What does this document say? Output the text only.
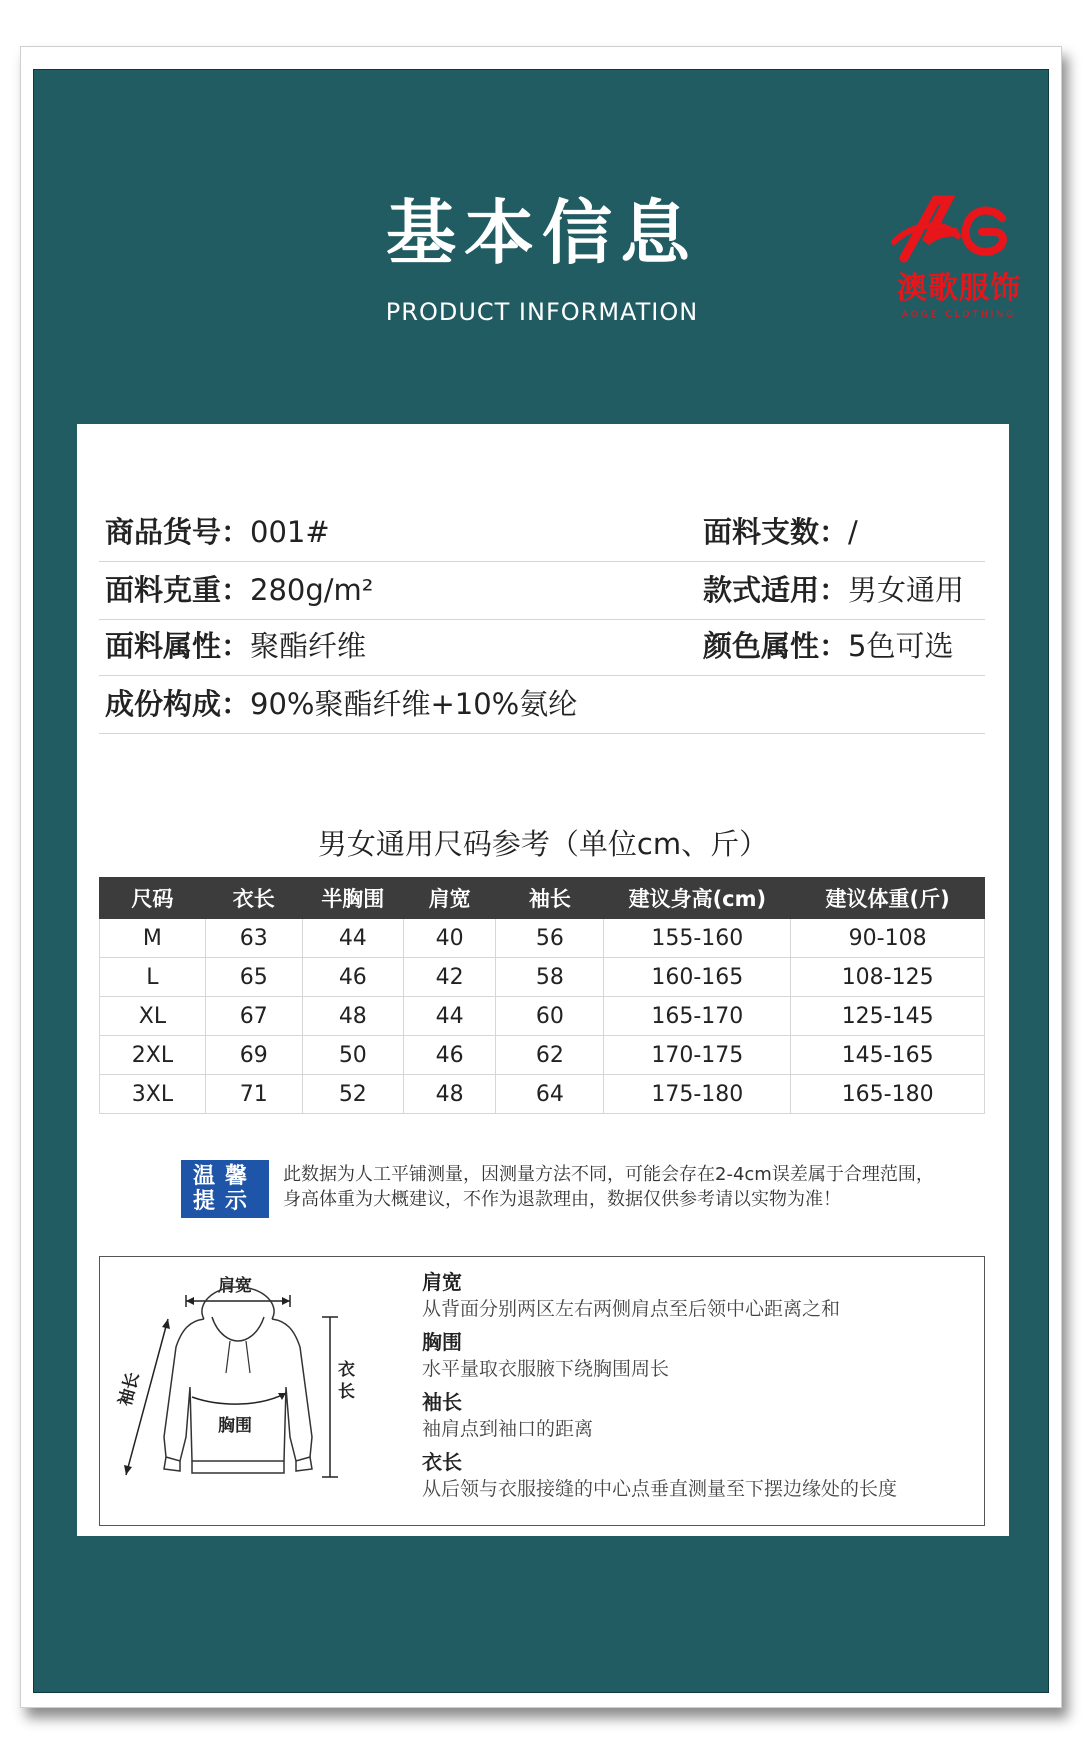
基本信息
PRODUCT INFORMATION
澳歌服饰
AOGE CLOTHING
商品货号：001#	面料支数：/
面料克重：280g/m²	款式适用：男女通用
面料属性：聚酯纤维	颜色属性：5色可选
成份构成：90%聚酯纤维+10%氨纶
男女通用尺码参考（单位cm、斤）
尺码	衣长	半胸围	肩宽	袖长	建议身高(cm)	建议体重(斤)
M	63	44	40	56	155-160	90-108
L	65	46	42	58	160-165	108-125
XL	67	48	44	60	165-170	125-145
2XL	69	50	46	62	170-175	145-165
3XL	71	52	48	64	175-180	165-180
温馨
提示
此数据为人工平铺测量，因测量方法不同，可能会存在2-4cm误差属于合理范围，
身高体重为大概建议，不作为退款理由，数据仅供参考请以实物为准！
肩宽
袖长
衣
长
胸围
肩宽
从背面分别两区左右两侧肩点至后领中心距离之和
胸围
水平量取衣服腋下绕胸围周长
袖长
袖肩点到袖口的距离
衣长
从后领与衣服接缝的中心点垂直测量至下摆边缘处的长度
